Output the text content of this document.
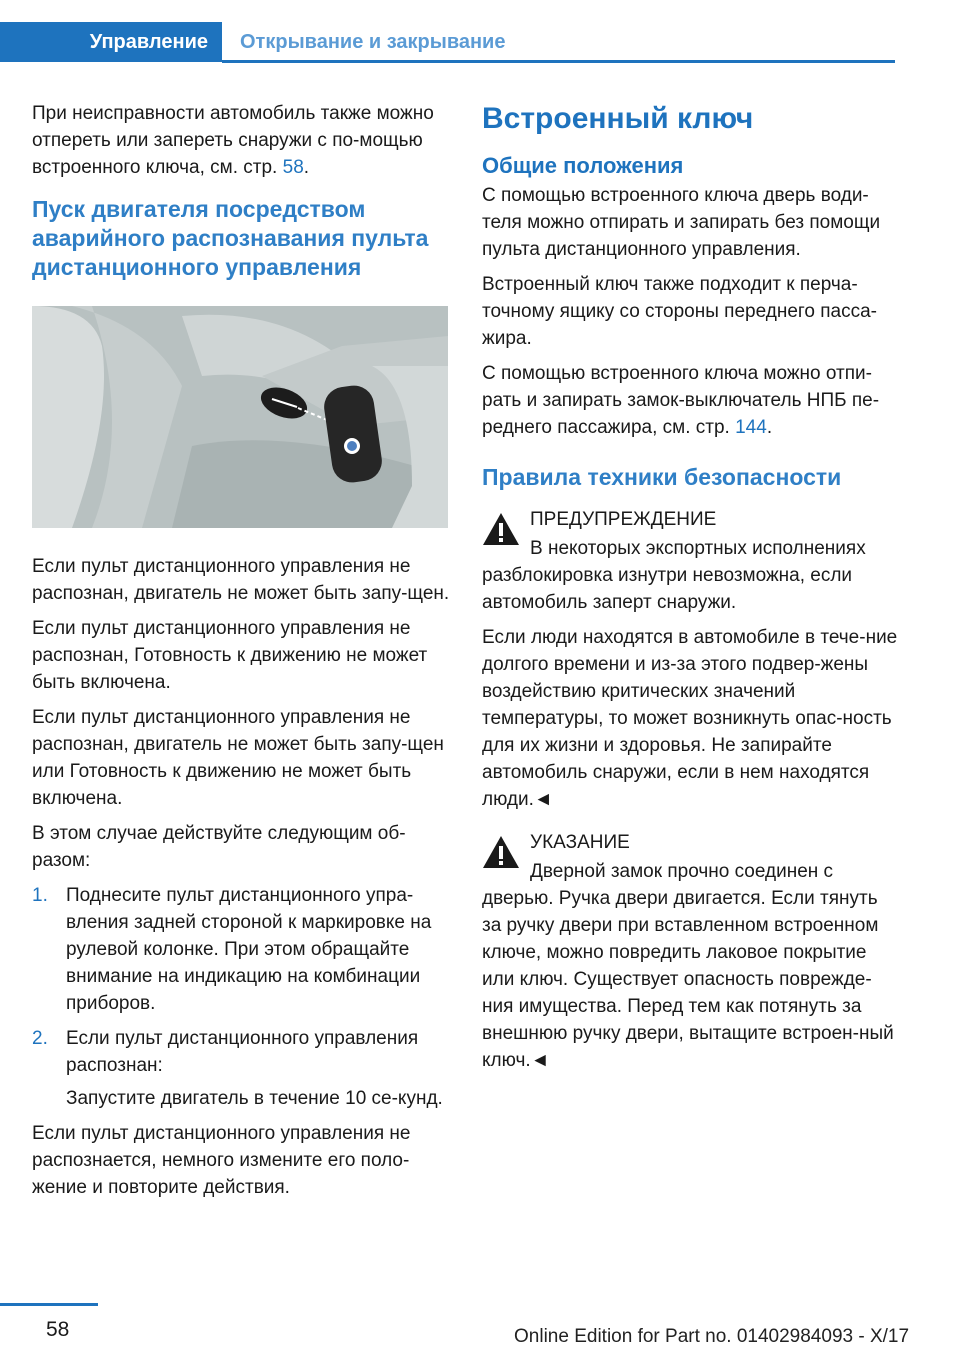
Управление	Открывание и закрывание

При неисправности автомобиль также можно отпереть или запереть снаружи с по-мощью встроенного ключа, см. стр. 58.

Пуск двигателя посредством аварийного распознавания пульта дистанционного управления

Если пульт дистанционного управления не распознан, двигатель не может быть запу-щен.

Если пульт дистанционного управления не распознан, Готовность к движению не может быть включена.

Если пульт дистанционного управления не распознан, двигатель не может быть запу-щен или Готовность к движению не может быть включена.

В этом случае действуйте следующим об-разом:

1. Поднесите пульт дистанционного упра-вления задней стороной к маркировке на рулевой колонке. При этом обращайте внимание на индикацию на комбинации приборов.

2. Если пульт дистанционного управления распознан:

Запустите двигатель в течение 10 се-кунд.

Если пульт дистанционного управления не распознается, немного измените его поло-жение и повторите действия.

Встроенный ключ
Общие положения

С помощью встроенного ключа дверь води-теля можно отпирать и запирать без помощи пульта дистанционного управления.

Встроенный ключ также подходит к перча-точному ящику со стороны переднего пасса-жира.

С помощью встроенного ключа можно отпи-рать и запирать замок-выключатель НПБ пе-реднего пассажира, см. стр. 144.

Правила техники безопасности

ПРЕДУПРЕЖДЕНИЕ

В некоторых экспортных исполнениях разблокировка изнутри невозможна, если автомобиль заперт снаружи.

Если люди находятся в автомобиле в тече-ние долгого времени и из-за этого подвер-жены воздействию критических значений температуры, то может возникнуть опас-ность для их жизни и здоровья. Не запирайте автомобиль снаружи, если в нем находятся люди.◄

УКАЗАНИЕ

Дверной замок прочно соединен с дверью. Ручка двери двигается. Если тянуть за ручку двери при вставленном встроенном ключе, можно повредить лаковое покрытие или ключ. Существует опасность поврежде-ния имущества. Перед тем как потянуть за внешнюю ручку двери, вытащите встроен-ный ключ.◄

58	Online Edition for Part no. 01402984093 - X/17
